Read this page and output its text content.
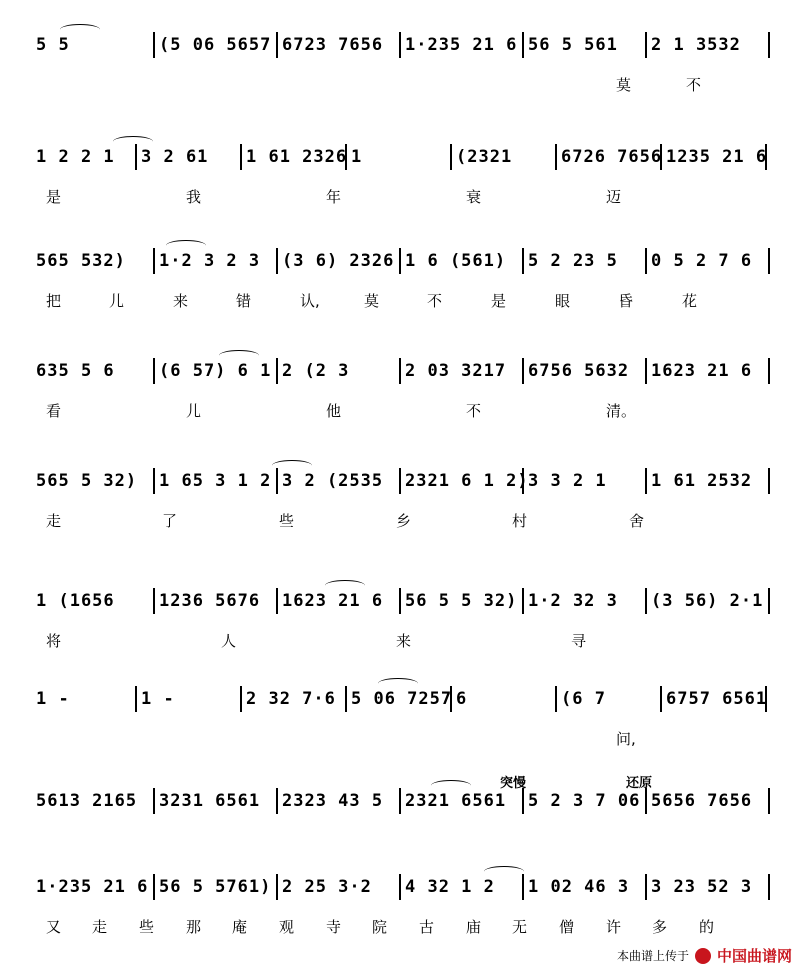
5 5	(5 06 5657 6723 7656	1·235 21 6 56 5 561	2 1 3532
莫	不
1 2 2 1	3 2 61	1 61 2326 1	(2321	6726 7656 1235 21 6
是	我	年	衰	迈
565 532)	1·2 3 2 3	(3 6) 2326 1 6 (561)	5 2 23 5	0 5 2 7 6
把	儿	来	错	认,	莫	不	是	眼	昏	花
635 5 6	(6 57) 6 1 2 (2 3	2 03 3217	6756 5632	1623 21 6
看	儿	他	不	清。
565 5 32)	1 65 3 1 2 3 2 (2535	2321 6 1 2) 3 3 2 1	1 61 2532
走	了	些	乡	村	舍
1 (1656	1236 5676	1623 21 6	56 5 5 32) 1·2 32 3	(3 56) 2·1
将	人	来	寻
1 -	1 -	2 32 7·6 5 06 7257 6	(6 7	6757 6561
问,
突慢	还原
5613 2165	3231 6561	2323 43 5	2321 6561	5 2 3 7 06 5656 7656
1·235 21 6 56 5 5761) 2 25 3·2	4 32 1 2	1 02 46 3	3 23 52 3
又 走 些 那 庵 观 寺 院 古 庙 无 僧 许 多 的
本曲谱上传于 中国曲谱网
